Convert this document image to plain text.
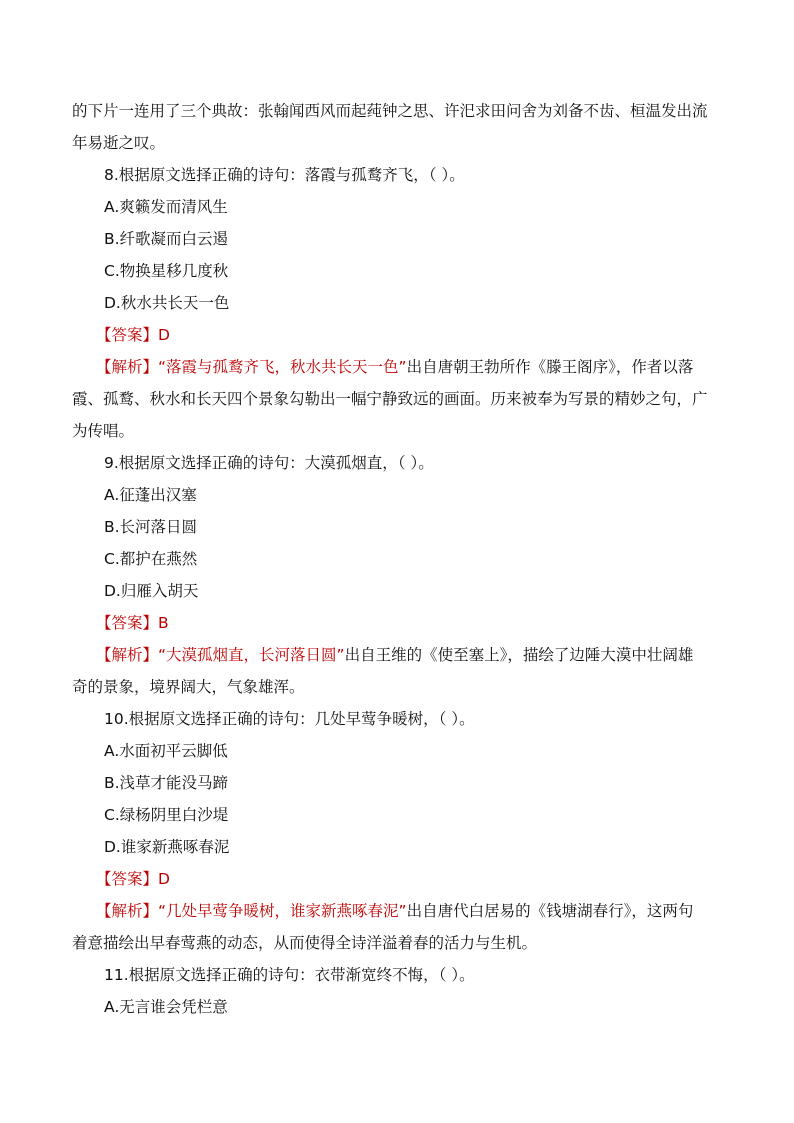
的下片一连用了三个典故：张翰闻西风而起莼钟之思、许汜求田问舍为刘备不齿、桓温发出流
年易逝之叹。
8.根据原文选择正确的诗句：落霞与孤鹜齐飞，（ ）。
A.爽籁发而清风生
B.纤歌凝而白云遏
C.物换星移几度秋
D.秋水共长天一色
【答案】D
【解析】“落霞与孤鹜齐飞，秋水共长天一色”出自唐朝王勃所作《滕王阁序》，作者以落
霞、孤鹜、秋水和长天四个景象勾勒出一幅宁静致远的画面。历来被奉为写景的精妙之句，广
为传唱。
9.根据原文选择正确的诗句：大漠孤烟直，（ ）。
A.征蓬出汉塞
B.长河落日圆
C.都护在燕然
D.归雁入胡天
【答案】B
【解析】“大漠孤烟直，长河落日圆”出自王维的《使至塞上》，描绘了边陲大漠中壮阔雄
奇的景象，境界阔大，气象雄浑。
10.根据原文选择正确的诗句：几处早莺争暖树，（ ）。
A.水面初平云脚低
B.浅草才能没马蹄
C.绿杨阴里白沙堤
D.谁家新燕啄春泥
【答案】D
【解析】“几处早莺争暖树，谁家新燕啄春泥”出自唐代白居易的《钱塘湖春行》，这两句
着意描绘出早春莺燕的动态，从而使得全诗洋溢着春的活力与生机。
11.根据原文选择正确的诗句：衣带渐宽终不悔，（ ）。
A.无言谁会凭栏意
